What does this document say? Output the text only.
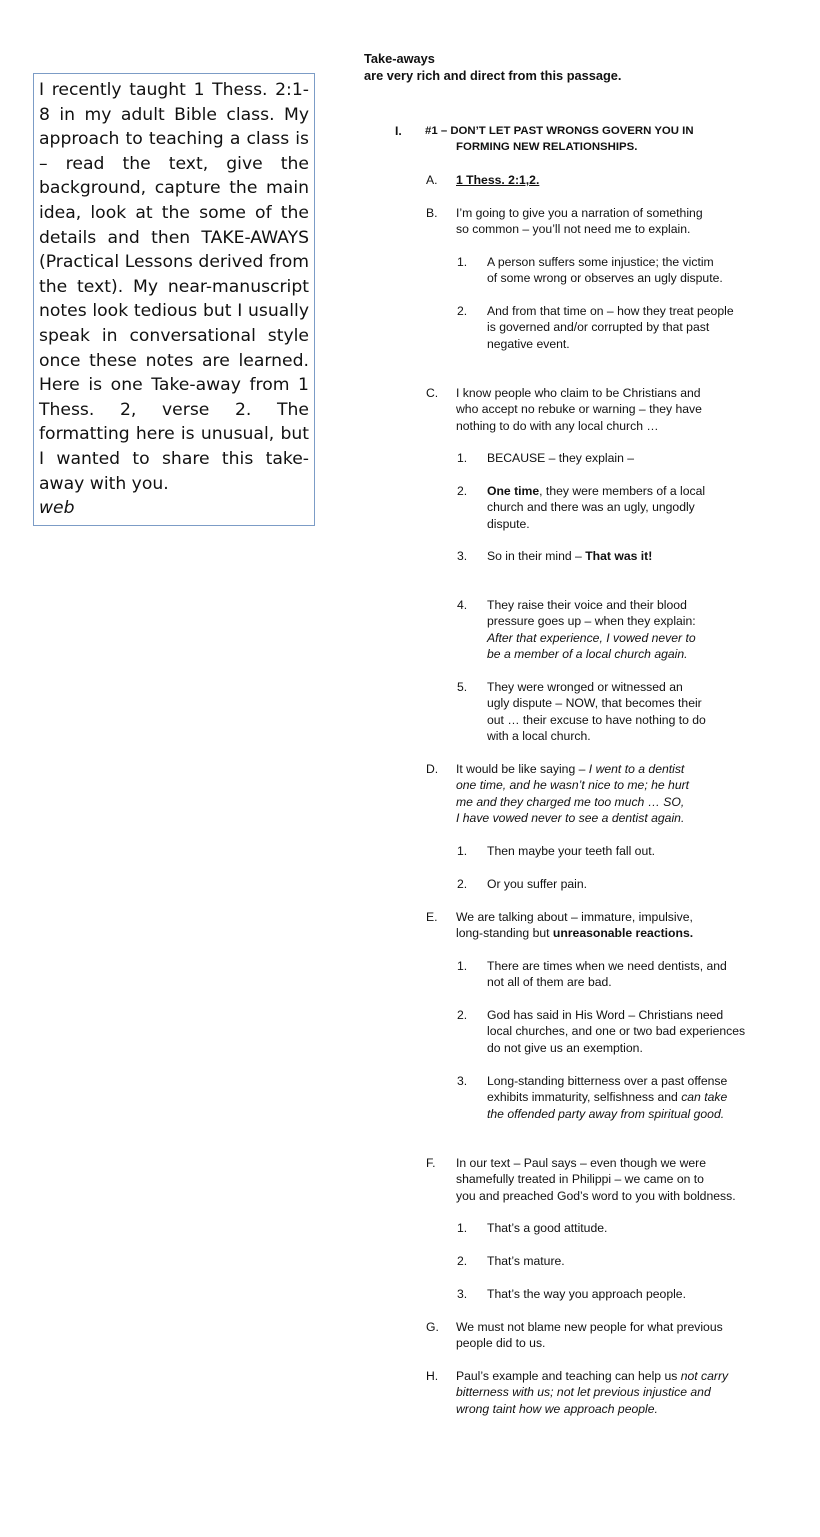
I recently taught 1 Thess. 2:1-8 in my adult Bible class. My approach to teaching a class is – read the text, give the background, capture the main idea, look at the some of the details and then TAKE-AWAYS (Practical Lessons derived from the text). My near-manuscript notes look tedious but I usually speak in conversational style once these notes are learned. Here is one Take-away from 1 Thess. 2, verse 2. The formatting here is unusual, but I wanted to share this take-away with you.

web
Take-aways
are very rich and direct from this passage.
I. #1 – DON’T LET PAST WRONGS GOVERN YOU IN
FORMING NEW RELATIONSHIPS.
A. 1 Thess. 2:1,2.
B. I’m going to give you a narration of something
so common – you’ll not need me to explain.
1. A person suffers some injustice; the victim
of some wrong or observes an ugly dispute.
2. And from that time on – how they treat people
is governed and/or corrupted by that past
negative event.
C. I know people who claim to be Christians and
who accept no rebuke or warning – they have
nothing to do with any local church …
1. BECAUSE – they explain –
2. One time, they were members of a local
church and there was an ugly, ungodly
dispute.
3. So in their mind – That was it!
4. They raise their voice and their blood
pressure goes up – when they explain:
After that experience, I vowed never to
be a member of a local church again.
5. They were wronged or witnessed an
ugly dispute – NOW, that becomes their
out … their excuse to have nothing to do
with a local church.
D. It would be like saying – I went to a dentist
one time, and he wasn’t nice to me; he hurt
me and they charged me too much … SO,
I have vowed never to see a dentist again.
1. Then maybe your teeth fall out.
2. Or you suffer pain.
E. We are talking about – immature, impulsive,
long-standing but unreasonable reactions.
1. There are times when we need dentists, and
not all of them are bad.
2. God has said in His Word – Christians need
local churches, and one or two bad experiences
do not give us an exemption.
3. Long-standing bitterness over a past offense
exhibits immaturity, selfishness and can take
the offended party away from spiritual good.
F. In our text – Paul says – even though we were
shamefully treated in Philippi – we came on to
you and preached God’s word to you with boldness.
1. That’s a good attitude.
2. That’s mature.
3. That’s the way you approach people.
G. We must not blame new people for what previous
people did to us.
H. Paul’s example and teaching can help us not carry
bitterness with us; not let previous injustice and
wrong taint how we approach people.
